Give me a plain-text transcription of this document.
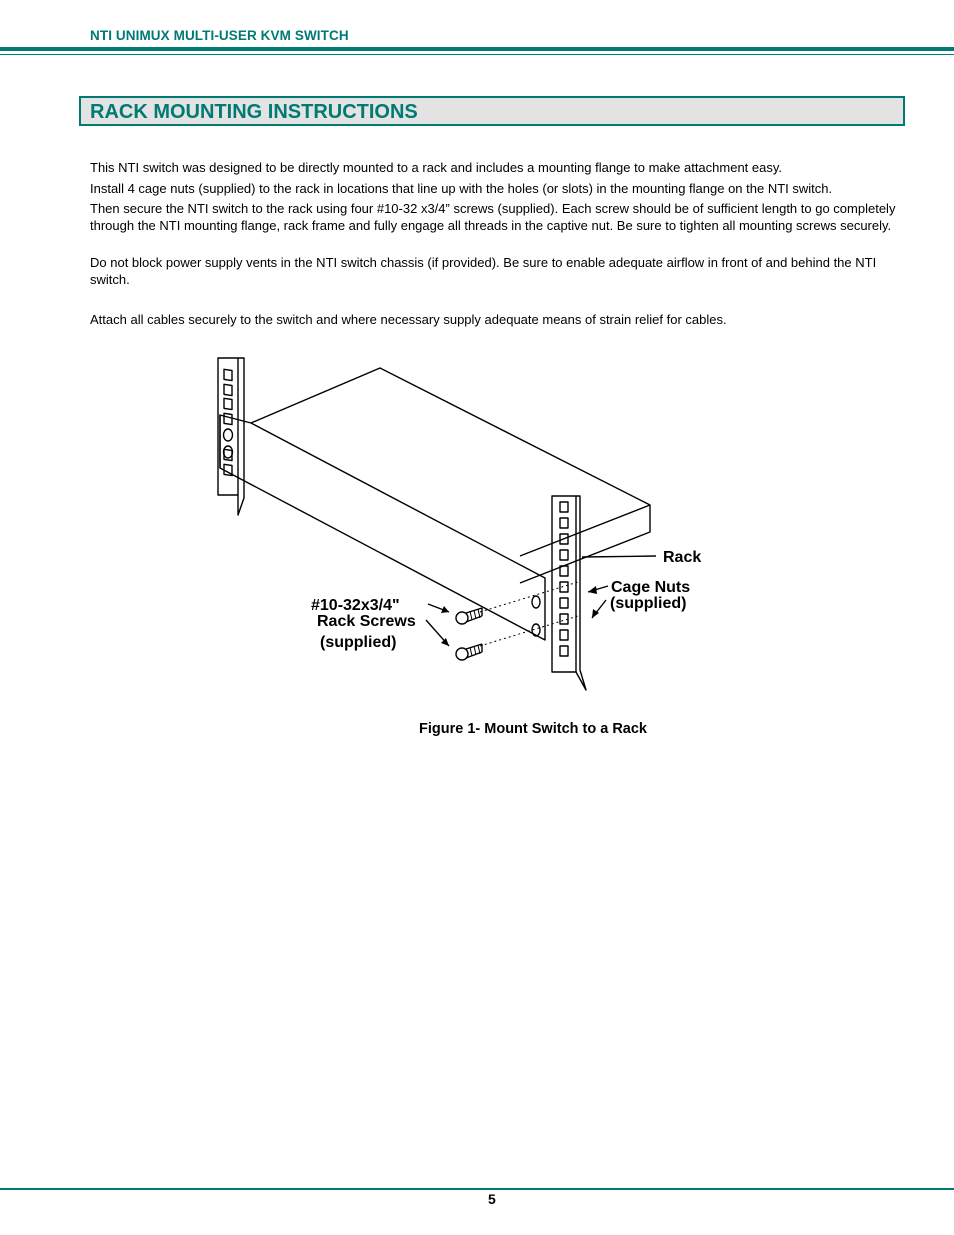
NTI UNIMUX MULTI-USER KVM SWITCH
RACK MOUNTING INSTRUCTIONS

This NTI switch was designed to be directly mounted to a rack and includes a mounting flange to make attachment easy.

Install 4 cage nuts (supplied) to the rack in locations that line up with the holes (or slots) in the mounting flange on the NTI switch.

Then secure the NTI switch to the rack using four #10-32 x3/4” screws (supplied). Each screw should be of sufficient length to go completely through the NTI mounting flange, rack frame and fully engage all threads in the captive nut. Be sure to tighten all mounting screws securely.

Do not block power supply vents in the NTI switch chassis (if provided). Be sure to enable adequate airflow in front of and behind the NTI switch.

Attach all cables securely to the switch and where necessary supply adequate means of strain relief for cables.

Rack
Cage Nuts
(supplied)
#10-32x3/4"
Rack Screws
(supplied)
Figure 1- Mount Switch to a Rack
5
